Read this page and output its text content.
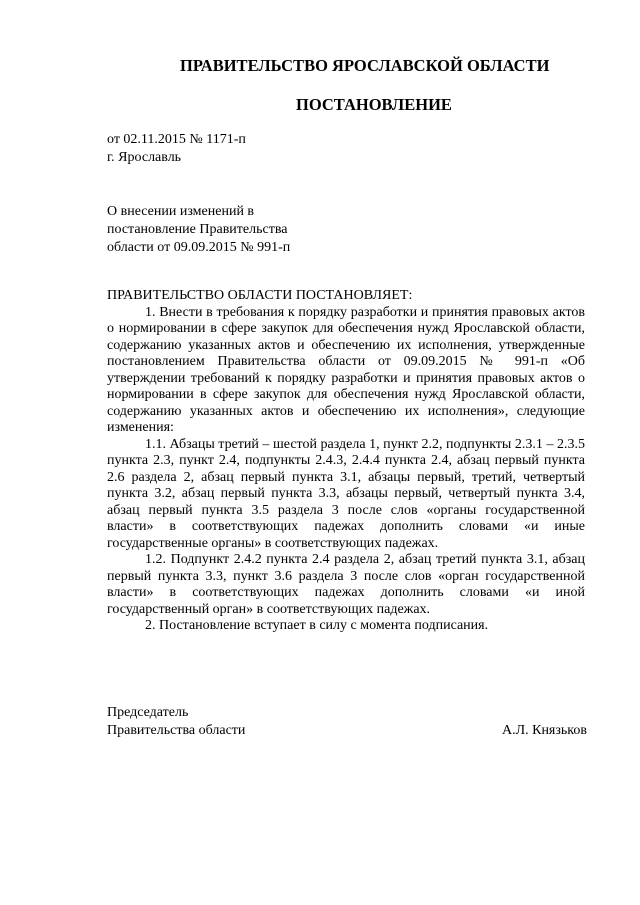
ПРАВИТЕЛЬСТВО ЯРОСЛАВСКОЙ ОБЛАСТИ
ПОСТАНОВЛЕНИЕ
от 02.11.2015 № 1171-п
г. Ярославль
О внесении изменений в
постановление Правительства
области от 09.09.2015 № 991-п
ПРАВИТЕЛЬСТВО ОБЛАСТИ ПОСТАНОВЛЯЕТ:

1. Внести в требования к порядку разработки и принятия правовых актов о нормировании в сфере закупок для обеспечения нужд Ярославской области, содержанию указанных актов и обеспечению их исполнения, утвержденные постановлением Правительства области от 09.09.2015 № 991-п «Об утверждении требований к порядку разработки и принятия правовых актов о нормировании в сфере закупок для обеспечения нужд Ярославской области, содержанию указанных актов и обеспечению их исполнения», следующие изменения:

1.1. Абзацы третий – шестой раздела 1, пункт 2.2, подпункты 2.3.1 – 2.3.5 пункта 2.3, пункт 2.4, подпункты 2.4.3, 2.4.4 пункта 2.4, абзац первый пункта 2.6 раздела 2, абзац первый пункта 3.1, абзацы первый, третий, четвертый пункта 3.2, абзац первый пункта 3.3, абзацы первый, четвертый пункта 3.4, абзац первый пункта 3.5 раздела 3 после слов «органы государственной власти» в соответствующих падежах дополнить словами «и иные государственные органы» в соответствующих падежах.

1.2. Подпункт 2.4.2 пункта 2.4 раздела 2, абзац третий пункта 3.1, абзац первый пункта 3.3, пункт 3.6 раздела 3 после слов «орган государственной власти» в соответствующих падежах дополнить словами «и иной государственный орган» в соответствующих падежах.

2. Постановление вступает в силу с момента подписания.

Председатель
Правительства области	А.Л. Князьков
